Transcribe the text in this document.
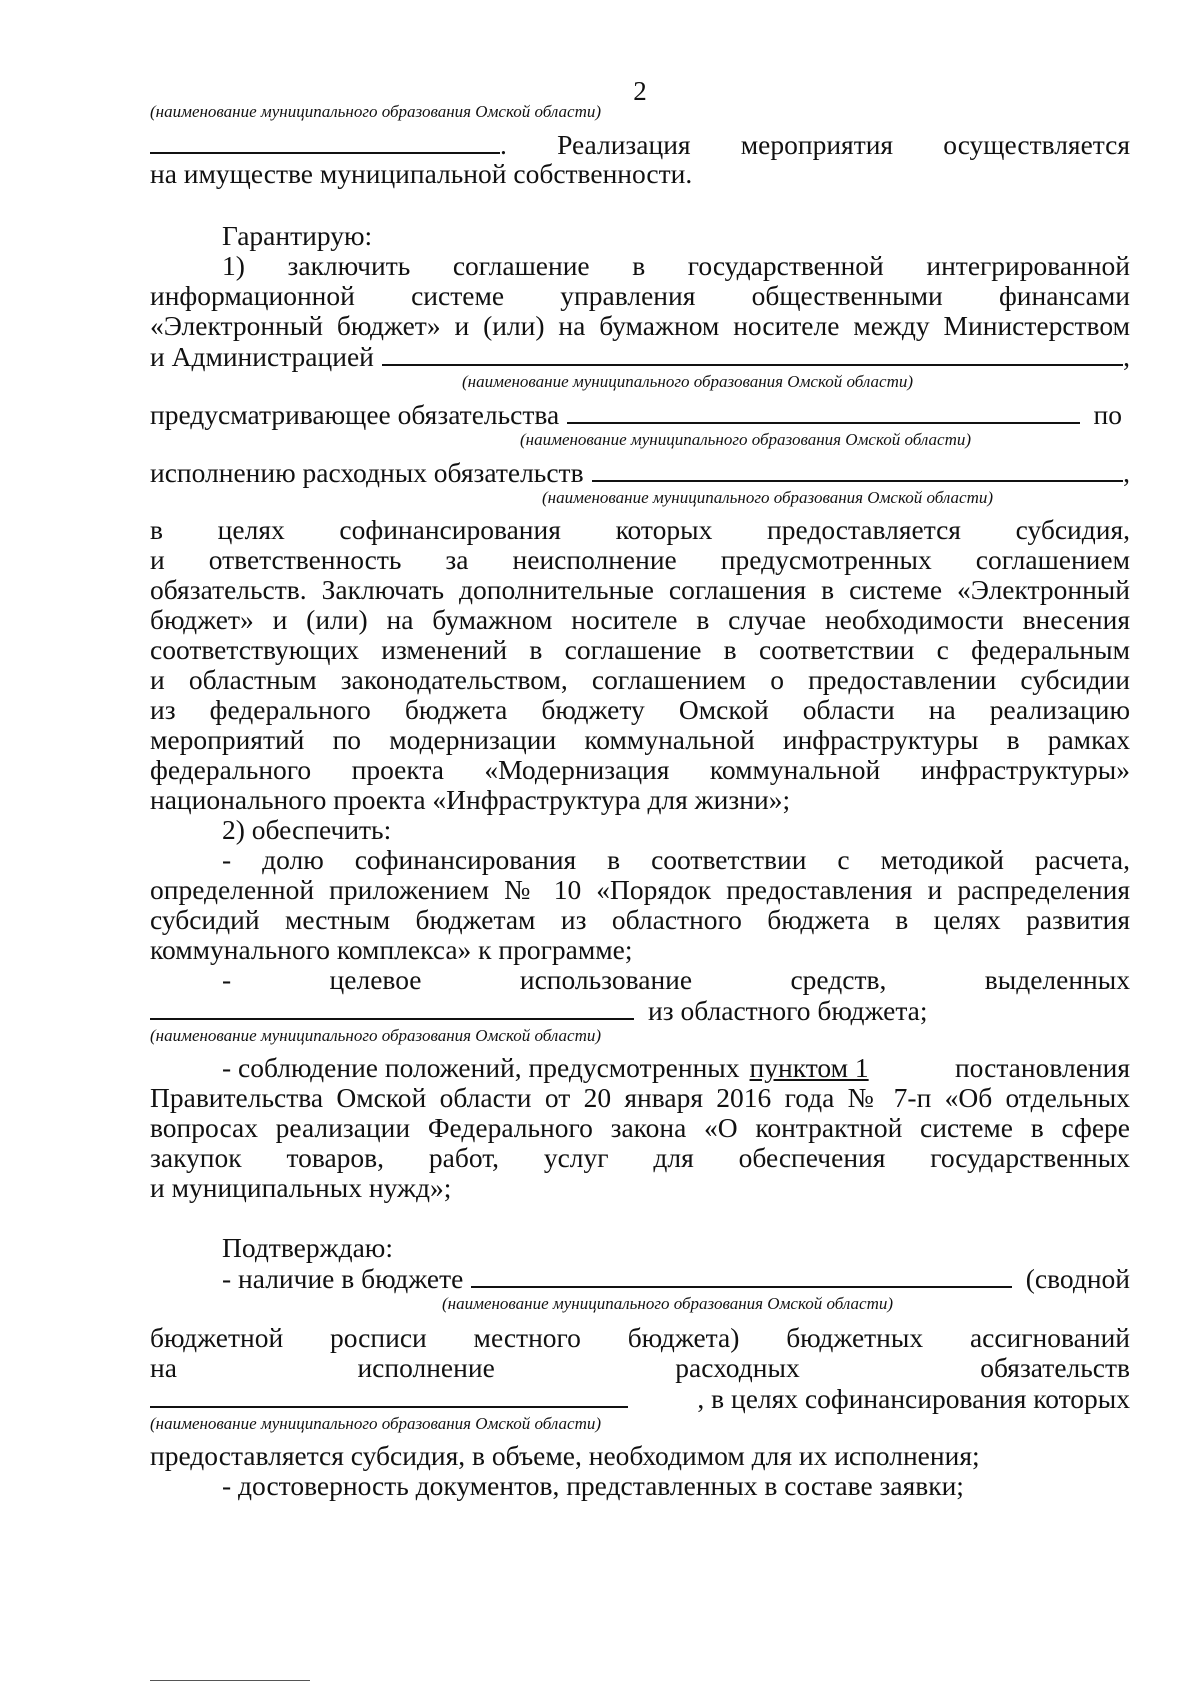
2
(наименование муниципального образования Омской области)
. Реализация мероприятия осуществляется
на имуществе муниципальной собственности.
Гарантирую:
1) заключить соглашение в государственной интегрированной
информационной системе управления общественными финансами
«Электронный бюджет» и (или) на бумажном носителе между Министерством
и Администрацией	,
(наименование муниципального образования Омской области)
предусматривающее обязательства	по
(наименование муниципального образования Омской области)
исполнению расходных обязательств	,
(наименование муниципального образования Омской области)
в целях софинансирования которых предоставляется субсидия,
и ответственность за неисполнение предусмотренных соглашением
обязательств. Заключать дополнительные соглашения в системе «Электронный
бюджет» и (или) на бумажном носителе в случае необходимости внесения
соответствующих изменений в соглашение в соответствии с федеральным
и областным законодательством, соглашением о предоставлении субсидии
из федерального бюджета бюджету Омской области на реализацию
мероприятий по модернизации коммунальной инфраструктуры в рамках
федерального проекта «Модернизация коммунальной инфраструктуры»
национального проекта «Инфраструктура для жизни»;
2) обеспечить:
- долю софинансирования в соответствии с методикой расчета,
определенной приложением № 10 «Порядок предоставления и распределения
субсидий местным бюджетам из областного бюджета в целях развития
коммунального комплекса» к программе;
- целевое использование средств, выделенных
из областного бюджета;
(наименование муниципального образования Омской области)
- соблюдение положений, предусмотренных пунктом 1	постановления
Правительства Омской области от 20 января 2016 года № 7-п «Об отдельных
вопросах реализации Федерального закона «О контрактной системе в сфере
закупок товаров, работ, услуг для обеспечения государственных
и муниципальных нужд»;
Подтверждаю:
- наличие в бюджете	(сводной
(наименование муниципального образования Омской области)
бюджетной росписи местного бюджета) бюджетных ассигнований
на исполнение расходных обязательств
, в целях софинансирования которых
(наименование муниципального образования Омской области)
предоставляется субсидия, в объеме, необходимом для их исполнения;
- достоверность документов, представленных в составе заявки;
